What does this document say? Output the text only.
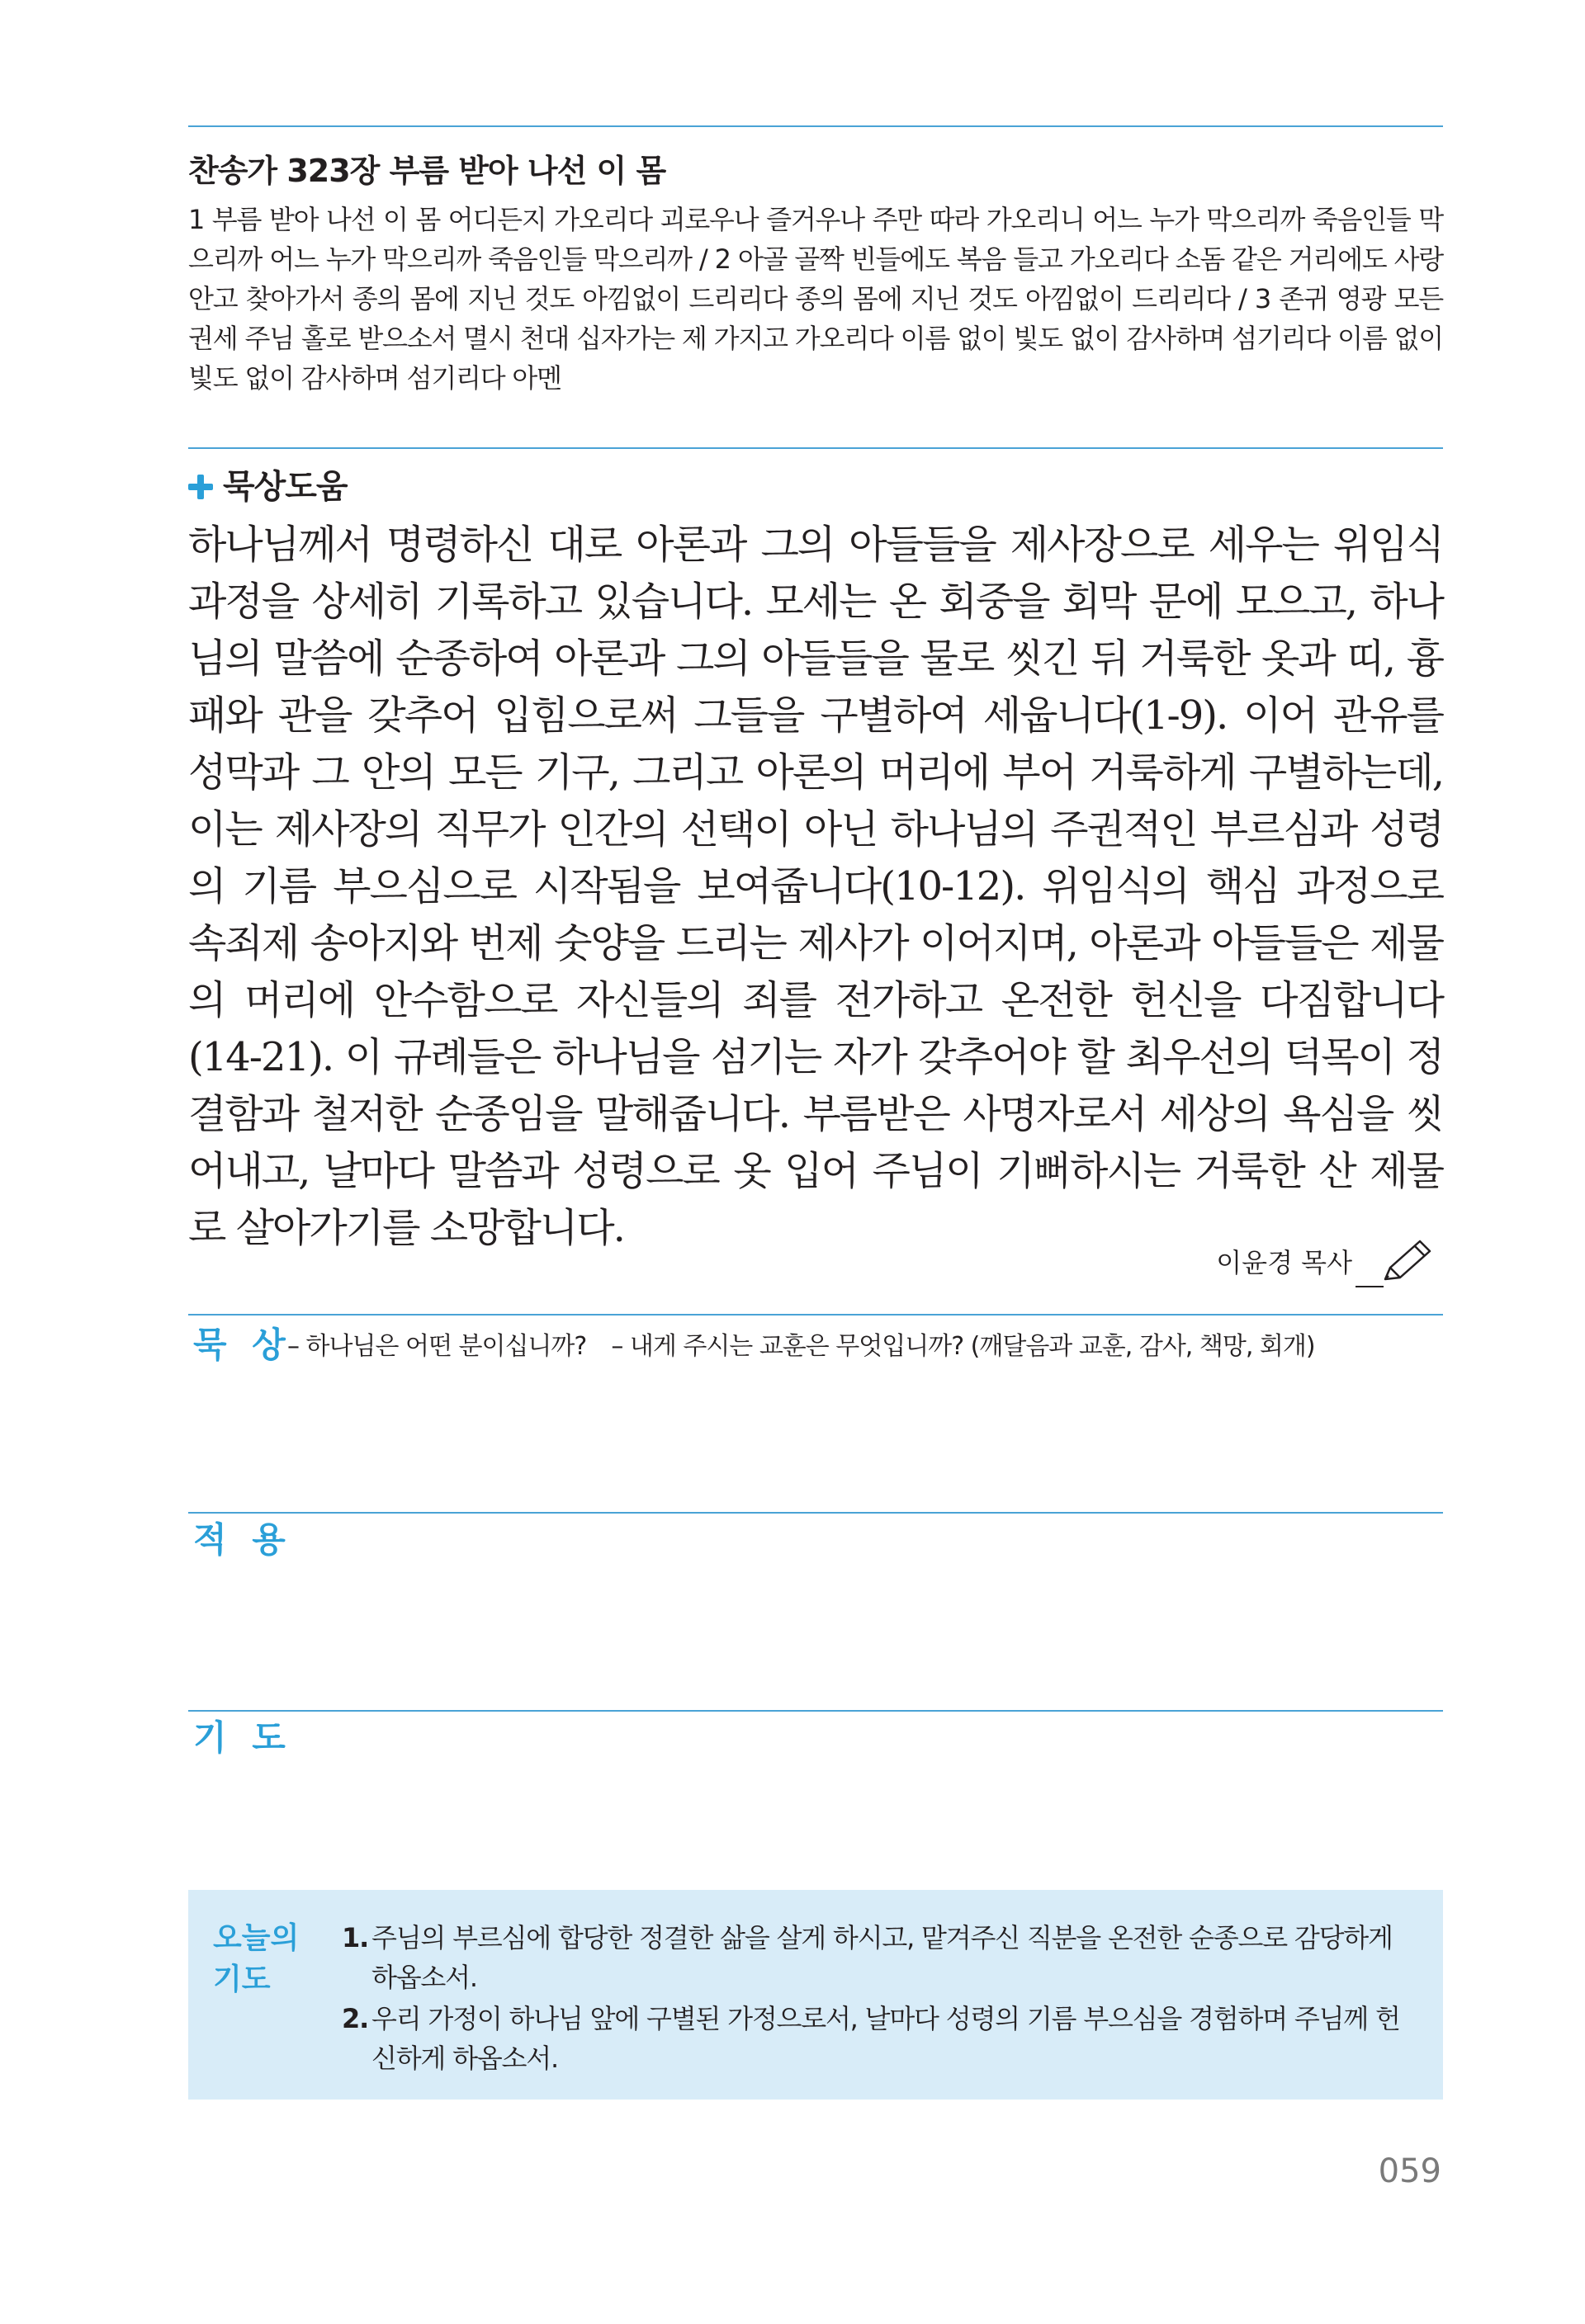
찬송가 323장 부름 받아 나선 이 몸

1 부름 받아 나선 이 몸 어디든지 가오리다 괴로우나 즐거우나 주만 따라 가오리니 어느 누가 막으리까 죽음인들 막으리까 어느 누가 막으리까 죽음인들 막으리까 / 2 아골 골짝 빈들에도 복음 들고 가오리다 소돔 같은 거리에도 사랑 안고 찾아가서 종의 몸에 지닌 것도 아낌없이 드리리다 종의 몸에 지닌 것도 아낌없이 드리리다 / 3 존귀 영광 모든 권세 주님 홀로 받으소서 멸시 천대 십자가는 제 가지고 가오리다 이름 없이 빛도 없이 감사하며 섬기리다 이름 없이 빛도 없이 감사하며 섬기리다 아멘

묵상도움

하나님께서 명령하신 대로 아론과 그의 아들들을 제사장으로 세우는 위임식 과정을 상세히 기록하고 있습니다. 모세는 온 회중을 회막 문에 모으고, 하나님의 말씀에 순종하여 아론과 그의 아들들을 물로 씻긴 뒤 거룩한 옷과 띠, 흉패와 관을 갖추어 입힘으로써 그들을 구별하여 세웁니다(1-9). 이어 관유를 성막과 그 안의 모든 기구, 그리고 아론의 머리에 부어 거룩하게 구별하는데, 이는 제사장의 직무가 인간의 선택이 아닌 하나님의 주권적인 부르심과 성령의 기름 부으심으로 시작됨을 보여줍니다(10-12). 위임식의 핵심 과정으로 속죄제 송아지와 번제 숫양을 드리는 제사가 이어지며, 아론과 아들들은 제물의 머리에 안수함으로 자신들의 죄를 전가하고 온전한 헌신을 다짐합니다(14-21). 이 규례들은 하나님을 섬기는 자가 갖추어야 할 최우선의 덕목이 정결함과 철저한 순종임을 말해줍니다. 부름받은 사명자로서 세상의 욕심을 씻어내고, 날마다 말씀과 성령으로 옷 입어 주님이 기뻐하시는 거룩한 산 제물로 살아가기를 소망합니다.

이윤경 목사
묵 상
– 하나님은 어떤 분이십니까? – 내게 주시는 교훈은 무엇입니까? (깨달음과 교훈, 감사, 책망, 회개)
적 용
기 도
오늘의 기도
1. 주님의 부르심에 합당한 정결한 삶을 살게 하시고, 맡겨주신 직분을 온전한 순종으로 감당하게 하옵소서.
2. 우리 가정이 하나님 앞에 구별된 가정으로서, 날마다 성령의 기름 부으심을 경험하며 주님께 헌신하게 하옵소서.
059
